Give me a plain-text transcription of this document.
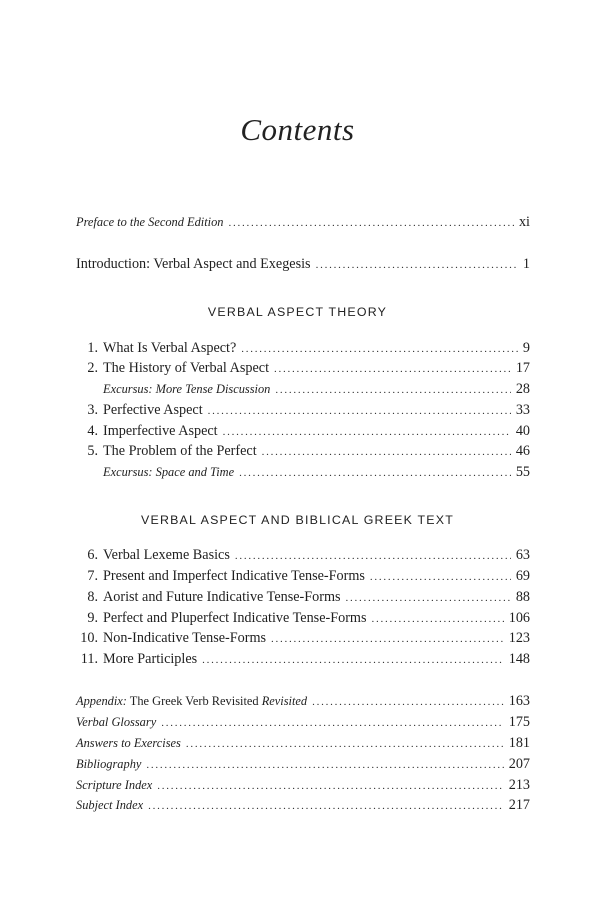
Contents
Preface to the Second Edition . . .	xi
Introduction: Verbal Aspect and Exegesis . . .	1
VERBAL ASPECT THEORY
1. What Is Verbal Aspect? . . .	9
2. The History of Verbal Aspect . . .	17
Excursus: More Tense Discussion . . .	28
3. Perfective Aspect . . .	33
4. Imperfective Aspect . . .	40
5. The Problem of the Perfect . . .	46
Excursus: Space and Time . . .	55
VERBAL ASPECT AND BIBLICAL GREEK TEXT
6. Verbal Lexeme Basics . . .	63
7. Present and Imperfect Indicative Tense-Forms . . .	69
8. Aorist and Future Indicative Tense-Forms . . .	88
9. Perfect and Pluperfect Indicative Tense-Forms . . .	106
10. Non-Indicative Tense-Forms . . .	123
11. More Participles . . .	148
Appendix: The Greek Verb Revisited Revisited . . .	163
Verbal Glossary . . .	175
Answers to Exercises . . .	181
Bibliography . . .	207
Scripture Index . . .	213
Subject Index . . .	217
